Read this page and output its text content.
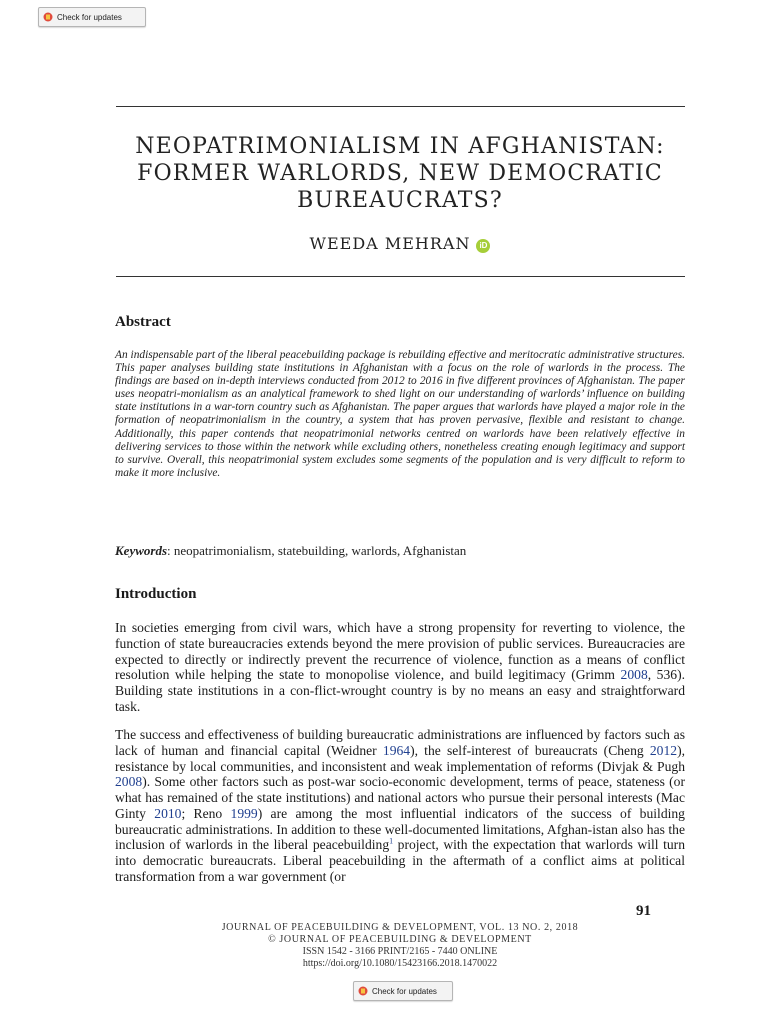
Check for updates
NEOPATRIMONIALISM IN AFGHANISTAN:
FORMER WARLORDS, NEW DEMOCRATIC
BUREAUCRATS?
WEEDA MEHRAN iD
Abstract

An indispensable part of the liberal peacebuilding package is rebuilding effective and meritocratic administrative structures. This paper analyses building state institutions in Afghanistan with a focus on the role of warlords in the process. The findings are based on in-depth interviews conducted from 2012 to 2016 in five different provinces of Afghanistan. The paper uses neopatri-monialism as an analytical framework to shed light on our understanding of warlords’ influence on building state institutions in a war-torn country such as Afghanistan. The paper argues that warlords have played a major role in the formation of neopatrimonialism in the country, a system that has proven pervasive, flexible and resistant to change. Additionally, this paper contends that neopatrimonial networks centred on warlords have been relatively effective in delivering services to those within the network while excluding others, nonetheless creating enough legitimacy and support to survive. Overall, this neopatrimonial system excludes some segments of the population and is very difficult to reform to make it more inclusive.

Keywords: neopatrimonialism, statebuilding, warlords, Afghanistan

Introduction

In societies emerging from civil wars, which have a strong propensity for reverting to violence, the function of state bureaucracies extends beyond the mere provision of public services. Bureaucracies are expected to directly or indirectly prevent the recurrence of violence, function as a means of conflict resolution while helping the state to monopolise violence, and build legitimacy (Grimm 2008, 536). Building state institutions in a con-flict-wrought country is by no means an easy and straightforward task.

The success and effectiveness of building bureaucratic administrations are influenced by factors such as lack of human and financial capital (Weidner 1964), the self-interest of bureaucrats (Cheng 2012), resistance by local communities, and inconsistent and weak implementation of reforms (Divjak & Pugh 2008). Some other factors such as post-war socio-economic development, terms of peace, stateness (or what has remained of the state institutions) and national actors who pursue their personal interests (Mac Ginty 2010; Reno 1999) are among the most influential indicators of the success of building bureaucratic administrations. In addition to these well-documented limitations, Afghan-istan also has the inclusion of warlords in the liberal peacebuilding$^1$ project, with the expectation that warlords will turn into democratic bureaucrats. Liberal peacebuilding in the aftermath of a conflict aims at political transformation from a war government (or

91
JOURNAL OF PEACEBUILDING & DEVELOPMENT, VOL. 13 NO. 2, 2018
© JOURNAL OF PEACEBUILDING & DEVELOPMENT
ISSN 1542 - 3166 PRINT/2165 - 7440 ONLINE
https://doi.org/10.1080/15423166.2018.1470022
Check for updates
